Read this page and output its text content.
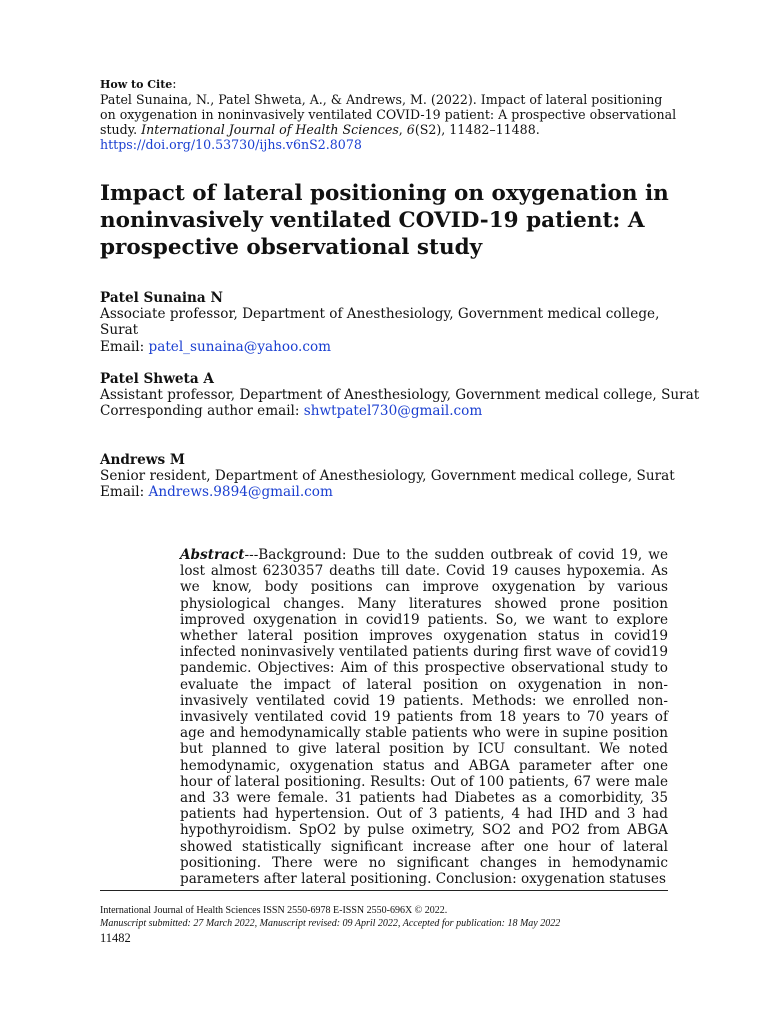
How to Cite:
Patel Sunaina, N., Patel Shweta, A., & Andrews, M. (2022). Impact of lateral positioning on oxygenation in noninvasively ventilated COVID-19 patient: A prospective observational study. International Journal of Health Sciences, 6(S2), 11482–11488.
https://doi.org/10.53730/ijhs.v6nS2.8078
Impact of lateral positioning on oxygenation in noninvasively ventilated COVID-19 patient: A prospective observational study
Patel Sunaina N
Associate professor, Department of Anesthesiology, Government medical college, Surat
Email: patel_sunaina@yahoo.com
Patel Shweta A
Assistant professor, Department of Anesthesiology, Government medical college, Surat
Corresponding author email: shwtpatel730@gmail.com
Andrews M
Senior resident, Department of Anesthesiology, Government medical college, Surat
Email: Andrews.9894@gmail.com
Abstract---Background: Due to the sudden outbreak of covid 19, we lost almost 6230357 deaths till date. Covid 19 causes hypoxemia. As we know, body positions can improve oxygenation by various physiological changes. Many literatures showed prone position improved oxygenation in covid19 patients. So, we want to explore whether lateral position improves oxygenation status in covid19 infected noninvasively ventilated patients during first wave of covid19 pandemic. Objectives: Aim of this prospective observational study to evaluate the impact of lateral position on oxygenation in non-invasively ventilated covid 19 patients. Methods: we enrolled non-invasively ventilated covid 19 patients from 18 years to 70 years of age and hemodynamically stable patients who were in supine position but planned to give lateral position by ICU consultant. We noted hemodynamic, oxygenation status and ABGA parameter after one hour of lateral positioning. Results: Out of 100 patients, 67 were male and 33 were female. 31 patients had Diabetes as a comorbidity, 35 patients had hypertension. Out of 3 patients, 4 had IHD and 3 had hypothyroidism. SpO2 by pulse oximetry, SO2 and PO2 from ABGA showed statistically significant increase after one hour of lateral positioning. There were no significant changes in hemodynamic parameters after lateral positioning. Conclusion: oxygenation statuses
International Journal of Health Sciences ISSN 2550-6978 E-ISSN 2550-696X © 2022.
Manuscript submitted: 27 March 2022, Manuscript revised: 09 April 2022, Accepted for publication: 18 May 2022
11482
